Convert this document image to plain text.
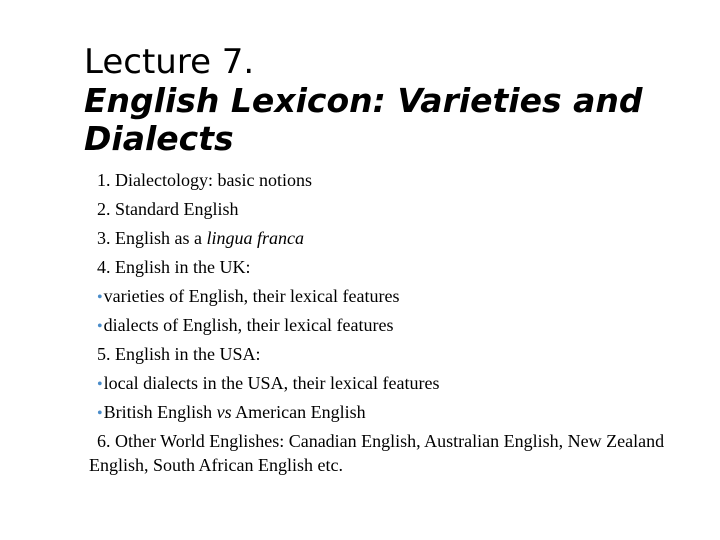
Lecture 7.
English Lexicon: Varieties and Dialects
1. Dialectology: basic notions
2. Standard English
3. English as a lingua franca
4. English in the UK:
•varieties of English, their lexical features
•dialects of English, their lexical features
5. English in the USA:
•local dialects in the USA, their lexical features
•British English vs American English
6. Other World Englishes: Canadian English, Australian English, New Zealand English, South African English etc.
